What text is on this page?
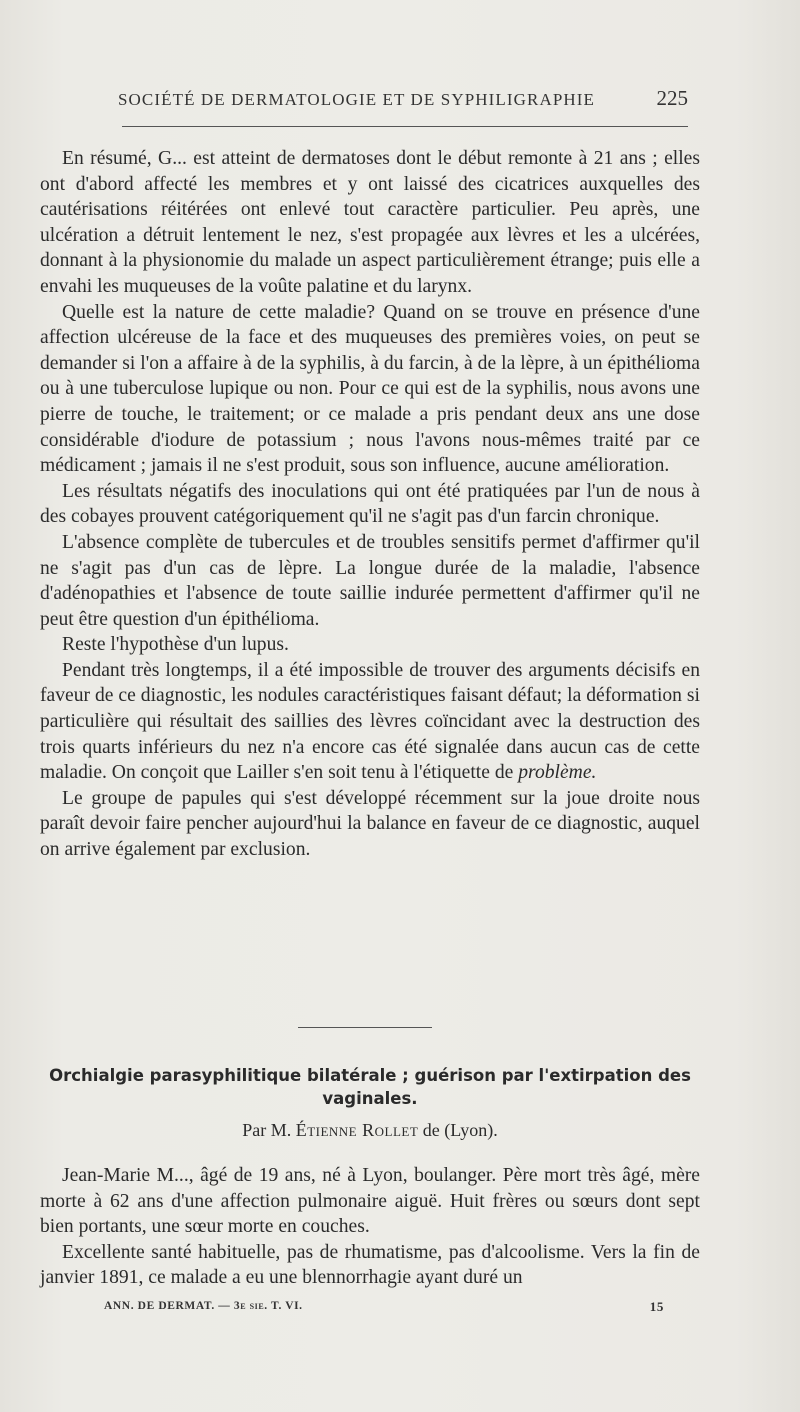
SOCIÉTÉ DE DERMATOLOGIE ET DE SYPHILIGRAPHIE	225

En résumé, G... est atteint de dermatoses dont le début remonte à 21 ans ; elles ont d'abord affecté les membres et y ont laissé des cicatrices auxquelles des cautérisations réitérées ont enlevé tout caractère particulier. Peu après, une ulcération a détruit lentement le nez, s'est propagée aux lèvres et les a ulcérées, donnant à la physionomie du malade un aspect particulièrement étrange; puis elle a envahi les muqueuses de la voûte palatine et du larynx.

Quelle est la nature de cette maladie? Quand on se trouve en présence d'une affection ulcéreuse de la face et des muqueuses des premières voies, on peut se demander si l'on a affaire à de la syphilis, à du farcin, à de la lèpre, à un épithélioma ou à une tuberculose lupique ou non. Pour ce qui est de la syphilis, nous avons une pierre de touche, le traitement; or ce malade a pris pendant deux ans une dose considérable d'iodure de potassium ; nous l'avons nous-mêmes traité par ce médicament ; jamais il ne s'est produit, sous son influence, aucune amélioration.

Les résultats négatifs des inoculations qui ont été pratiquées par l'un de nous à des cobayes prouvent catégoriquement qu'il ne s'agit pas d'un farcin chronique.

L'absence complète de tubercules et de troubles sensitifs permet d'affirmer qu'il ne s'agit pas d'un cas de lèpre. La longue durée de la maladie, l'absence d'adénopathies et l'absence de toute saillie indurée permettent d'affirmer qu'il ne peut être question d'un épithélioma.

Reste l'hypothèse d'un lupus.

Pendant très longtemps, il a été impossible de trouver des arguments décisifs en faveur de ce diagnostic, les nodules caractéristiques faisant défaut; la déformation si particulière qui résultait des saillies des lèvres coïncidant avec la destruction des trois quarts inférieurs du nez n'a encore cas été signalée dans aucun cas de cette maladie. On conçoit que Lailler s'en soit tenu à l'étiquette de problème.

Le groupe de papules qui s'est développé récemment sur la joue droite nous paraît devoir faire pencher aujourd'hui la balance en faveur de ce diagnostic, auquel on arrive également par exclusion.

Orchialgie parasyphilitique bilatérale ; guérison par l'extirpation des vaginales.
Par M. Étienne Rollet de (Lyon).

Jean-Marie M..., âgé de 19 ans, né à Lyon, boulanger. Père mort très âgé, mère morte à 62 ans d'une affection pulmonaire aiguë. Huit frères ou sœurs dont sept bien portants, une sœur morte en couches.

Excellente santé habituelle, pas de rhumatisme, pas d'alcoolisme. Vers la fin de janvier 1891, ce malade a eu une blennorrhagie ayant duré un

ANN. DE DERMAT. — 3e sie. T. VI.	15
